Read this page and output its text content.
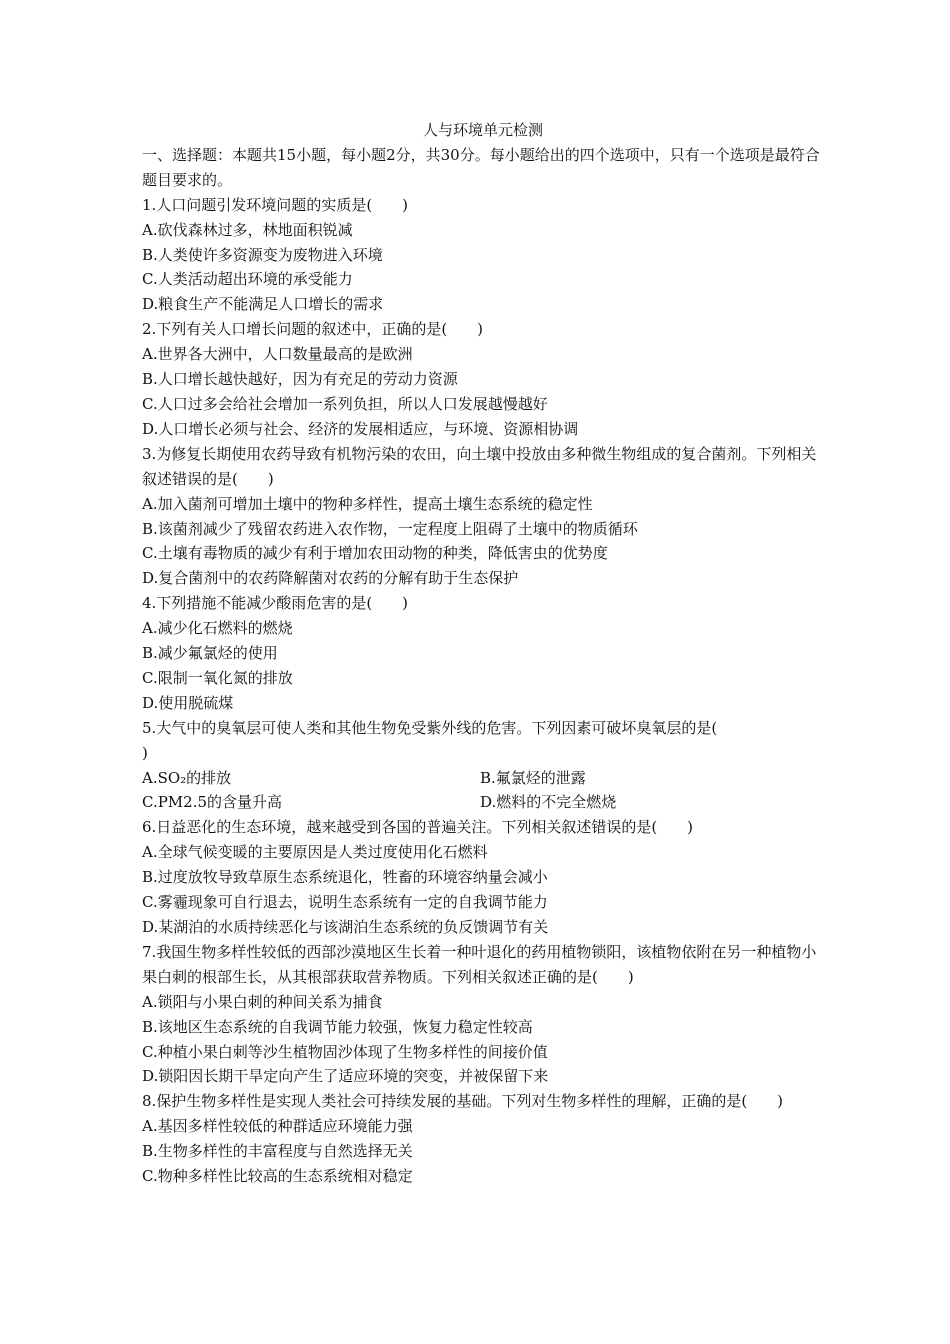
人与环境单元检测

一、选择题：本题共15小题，每小题2分，共30分。每小题给出的四个选项中，只有一个选项是最符合题目要求的。
1.人口问题引发环境问题的实质是(　　)
A.砍伐森林过多，林地面积锐减
B.人类使许多资源变为废物进入环境
C.人类活动超出环境的承受能力
D.粮食生产不能满足人口增长的需求
2.下列有关人口增长问题的叙述中，正确的是(　　)
A.世界各大洲中，人口数量最高的是欧洲
B.人口增长越快越好，因为有充足的劳动力资源
C.人口过多会给社会增加一系列负担，所以人口发展越慢越好
D.人口增长必须与社会、经济的发展相适应，与环境、资源相协调
3.为修复长期使用农药导致有机物污染的农田，向土壤中投放由多种微生物组成的复合菌剂。下列相关叙述错误的是(　　)
A.加入菌剂可增加土壤中的物种多样性，提高土壤生态系统的稳定性
B.该菌剂减少了残留农药进入农作物，一定程度上阻碍了土壤中的物质循环
C.土壤有毒物质的减少有利于增加农田动物的种类，降低害虫的优势度
D.复合菌剂中的农药降解菌对农药的分解有助于生态保护
4.下列措施不能减少酸雨危害的是(　　)
A.减少化石燃料的燃烧
B.减少氟氯烃的使用
C.限制一氧化氮的排放
D.使用脱硫煤
5.大气中的臭氧层可使人类和其他生物免受紫外线的危害。下列因素可破坏臭氧层的是(
)
A.SO₂的排放	B.氟氯烃的泄露
C.PM2.5的含量升高	D.燃料的不完全燃烧
6.日益恶化的生态环境，越来越受到各国的普遍关注。下列相关叙述错误的是(　　)
A.全球气候变暖的主要原因是人类过度使用化石燃料
B.过度放牧导致草原生态系统退化，牲畜的环境容纳量会减小
C.雾霾现象可自行退去，说明生态系统有一定的自我调节能力
D.某湖泊的水质持续恶化与该湖泊生态系统的负反馈调节有关
7.我国生物多样性较低的西部沙漠地区生长着一种叶退化的药用植物锁阳，该植物依附在另一种植物小果白刺的根部生长，从其根部获取营养物质。下列相关叙述正确的是(　　)
A.锁阳与小果白刺的种间关系为捕食
B.该地区生态系统的自我调节能力较强，恢复力稳定性较高
C.种植小果白刺等沙生植物固沙体现了生物多样性的间接价值
D.锁阳因长期干旱定向产生了适应环境的突变，并被保留下来
8.保护生物多样性是实现人类社会可持续发展的基础。下列对生物多样性的理解，正确的是(　　)
A.基因多样性较低的种群适应环境能力强
B.生物多样性的丰富程度与自然选择无关
C.物种多样性比较高的生态系统相对稳定
